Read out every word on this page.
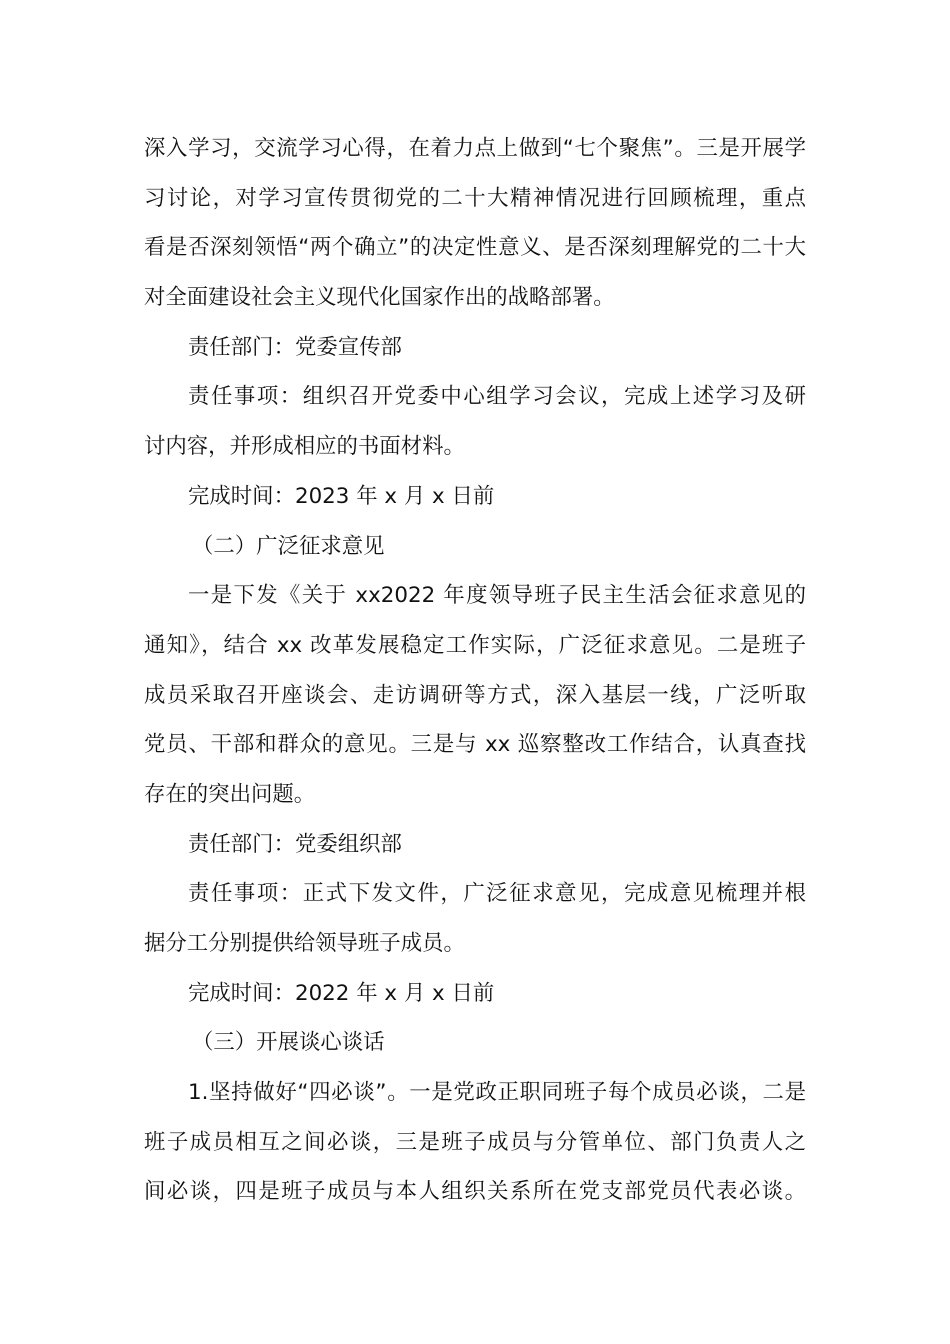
深入学习，交流学习心得，在着力点上做到“七个聚焦”。三是开展学
习讨论，对学习宣传贯彻党的二十大精神情况进行回顾梳理，重点
看是否深刻领悟“两个确立”的决定性意义、是否深刻理解党的二十大
对全面建设社会主义现代化国家作出的战略部署。
责任部门：党委宣传部
责任事项：组织召开党委中心组学习会议，完成上述学习及研
讨内容，并形成相应的书面材料。
完成时间：2023 年 x 月 x 日前
（二）广泛征求意见
一是下发《关于 xx2022 年度领导班子民主生活会征求意见的
通知》，结合 xx 改革发展稳定工作实际，广泛征求意见。二是班子
成员采取召开座谈会、走访调研等方式，深入基层一线，广泛听取
党员、干部和群众的意见。三是与 xx 巡察整改工作结合，认真查找
存在的突出问题。
责任部门：党委组织部
责任事项：正式下发文件，广泛征求意见，完成意见梳理并根
据分工分别提供给领导班子成员。
完成时间：2022 年 x 月 x 日前
（三）开展谈心谈话
1.坚持做好“四必谈”。一是党政正职同班子每个成员必谈，二是
班子成员相互之间必谈，三是班子成员与分管单位、部门负责人之
间必谈，四是班子成员与本人组织关系所在党支部党员代表必谈。
